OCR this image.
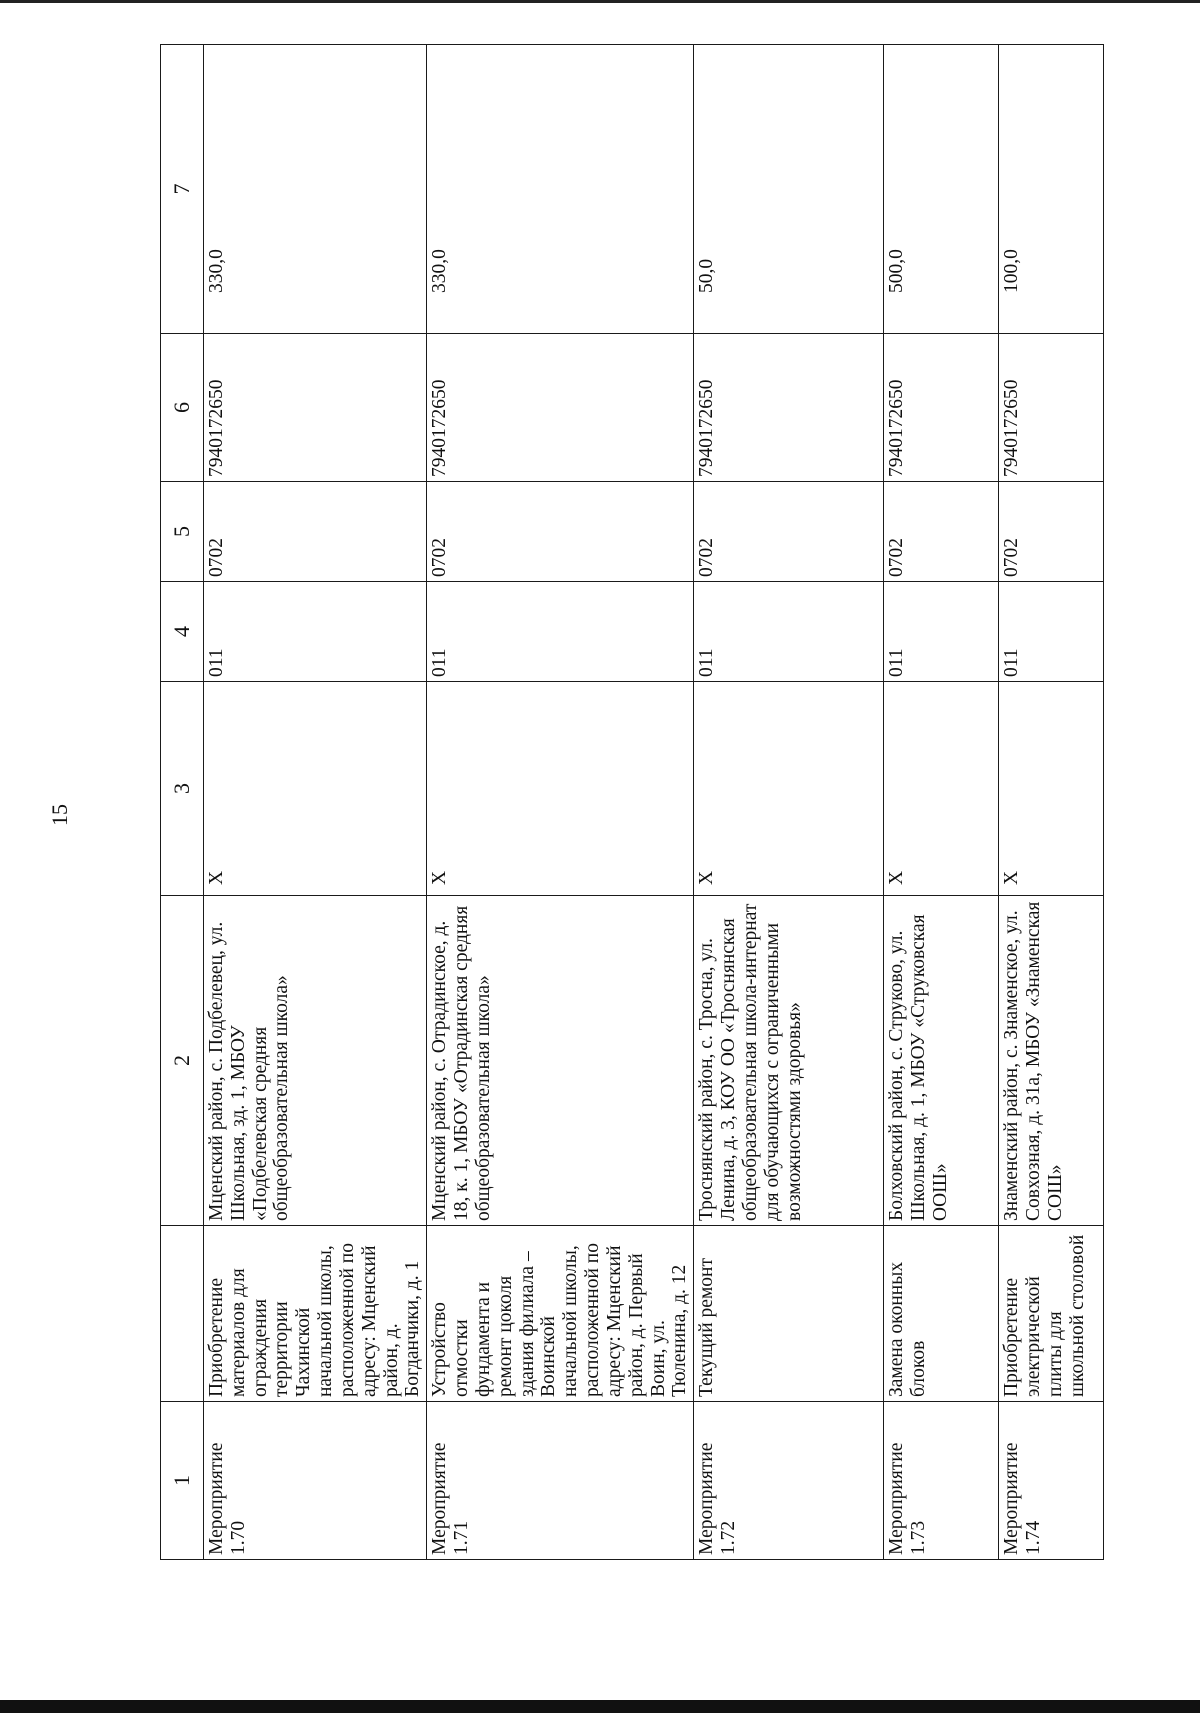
15
1		2	3	4	5	6	7
Мероприятие 1.70	Приобретение материалов для ограждения территории Чахинской начальной школы, расположенной по адресу: Мценский район, д. Богданчики, д. 1	Мценский район, с. Подбелевец, ул. Школьная, зд. 1, МБОУ «Подбелевская средняя общеобразовательная школа»	Х	011	0702	7940172650	330,0
Мероприятие 1.71	Устройство отмостки фундамента и ремонт цоколя здания филиала – Воинской начальной школы, расположенной по адресу: Мценский район, д. Первый Воин, ул. Тюленина, д. 12	Мценский район, с. Отрадинское, д. 18, к. 1, МБОУ «Отрадинская средняя общеобразовательная школа»	Х	011	0702	7940172650	330,0
Мероприятие 1.72	Текущий ремонт	Троснянский район, с. Тросна, ул. Ленина, д. 3, КОУ ОО «Троснянская общеобразовательная школа-интернат для обучающихся с ограниченными возможностями здоровья»	Х	011	0702	7940172650	50,0
Мероприятие 1.73	Замена оконных блоков	Болховский район, с. Струково, ул. Школьная, д. 1, МБОУ «Струковская ООШ»	Х	011	0702	7940172650	500,0
Мероприятие 1.74	Приобретение электрической плиты для школьной столовой	Знаменский район, с. Знаменское, ул. Совхозная, д. 31а, МБОУ «Знаменская СОШ»	Х	011	0702	7940172650	100,0
